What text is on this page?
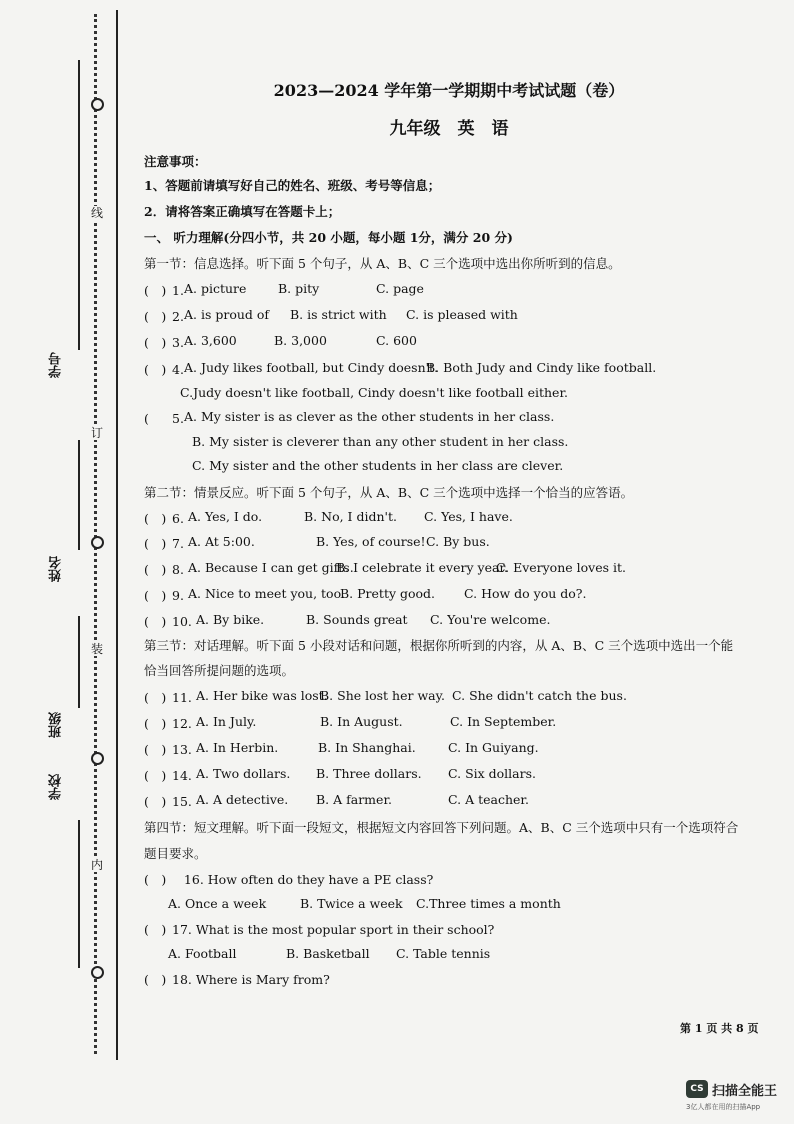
线
订
装
内
学号
姓名
班级
学校
2023—2024 学年第一学期期中考试试题（卷）
九年级　英　语
注意事项：
1、答题前请填写好自己的姓名、班级、考号等信息；
2．请将答案正确填写在答题卡上；
一、 听力理解(分四小节，共 20 小题，每小题 1分，满分 20 分)
第一节：信息选择。听下面 5 个句子，从 A、B、C 三个选项中选出你所听到的信息。
(　) 1. A. picture	B. pity	C. page
(　) 2. A. is proud of B. is strict with C. is pleased with
(　) 3. A. 3,600	B. 3,000	C. 600
(　) 4. A. Judy likes football, but Cindy doesn't.
B. Both Judy and Cindy like football.
C.Judy doesn't like football, Cindy doesn't like football either.
(　5. A. My sister is as clever as the other students in her class.
B. My sister is cleverer than any other student in her class.
C. My sister and the other students in her class are clever.
第二节：情景反应。听下面 5 个句子，从 A、B、C 三个选项中选择一个恰当的应答语。
(　) 6. A. Yes, I do.	B. No, I didn't. C. Yes, I have.
(　) 7. A. At 5:00.	B. Yes, of course! C. By bus.
(　) 8. A. Because I can get gifts.
B. I celebrate it every year.
C. Everyone loves it.
(　) 9. A. Nice to meet you, too.
B. Pretty good. C. How do you do?.
(　) 10. A. By bike.	B. Sounds great C. You're welcome.
第三节：对话理解。听下面 5 小段对话和问题，根据你所听到的内容，从 A、B、C 三个选项中选出一个能
恰当回答所提问题的选项。
(　) 11. A. Her bike was lost.
B. She lost her way. C. She didn't catch the bus.
(　) 12. A. In July.	B. In August.	C. In September.
(　) 13. A. In Herbin.	B. In Shanghai.	C. In Guiyang.
(　) 14. A. Two dollars. B. Three dollars. C. Six dollars.
(　) 15. A. A detective. B. A farmer.	C. A teacher.
第四节：短文理解。听下面一段短文，根据短文内容回答下列问题。A、B、C 三个选项中只有一个选项符合
题目要求。
(　) 16. How often do they have a PE class?
A. Once a week	B. Twice a week C.Three times a month
(　) 17. What is the most popular sport in their school?
A. Football	B. Basketball C. Table tennis
(　) 18. Where is Mary from?
第 1 页 共 8 页
CS 扫描全能王
3亿人都在用的扫描App
